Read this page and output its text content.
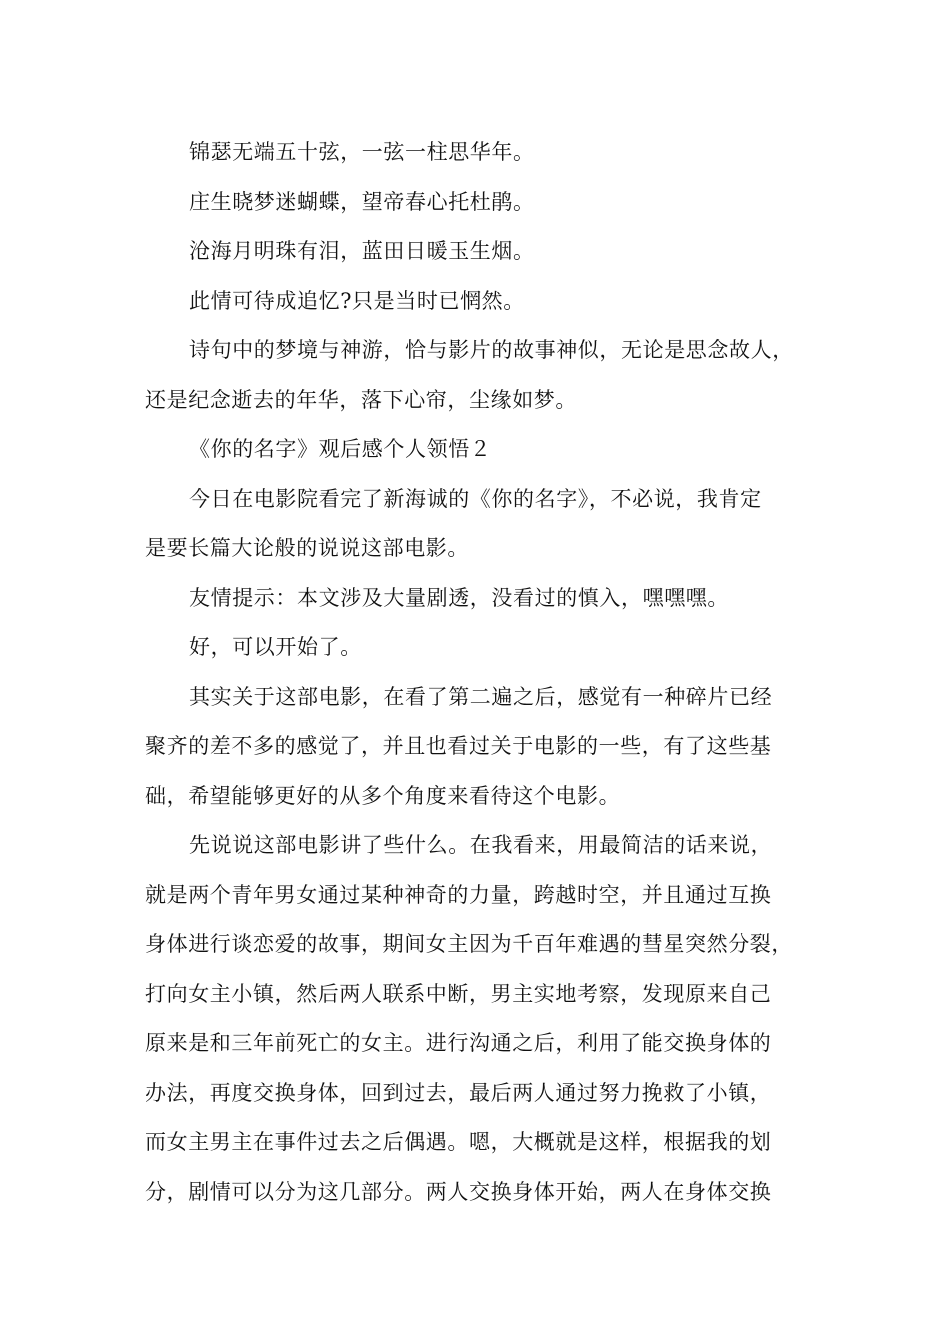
锦瑟无端五十弦，一弦一柱思华年。

庄生晓梦迷蝴蝶，望帝春心托杜鹃。

沧海月明珠有泪，蓝田日暖玉生烟。

此情可待成追忆?只是当时已惘然。

诗句中的梦境与神游，恰与影片的故事神似，无论是思念故人，
还是纪念逝去的年华，落下心帘，尘缘如梦。

《你的名字》观后感个人领悟２

今日在电影院看完了新海诚的《你的名字》，不必说，我肯定
是要长篇大论般的说说这部电影。

友情提示：本文涉及大量剧透，没看过的慎入，嘿嘿嘿。

好，可以开始了。

其实关于这部电影，在看了第二遍之后，感觉有一种碎片已经
聚齐的差不多的感觉了，并且也看过关于电影的一些，有了这些基
础，希望能够更好的从多个角度来看待这个电影。

先说说这部电影讲了些什么。在我看来，用最简洁的话来说，
就是两个青年男女通过某种神奇的力量，跨越时空，并且通过互换
身体进行谈恋爱的故事，期间女主因为千百年难遇的彗星突然分裂，
打向女主小镇，然后两人联系中断，男主实地考察，发现原来自己
原来是和三年前死亡的女主。进行沟通之后，利用了能交换身体的
办法，再度交换身体，回到过去，最后两人通过努力挽救了小镇，
而女主男主在事件过去之后偶遇。嗯，大概就是这样，根据我的划
分，剧情可以分为这几部分。两人交换身体开始，两人在身体交换
